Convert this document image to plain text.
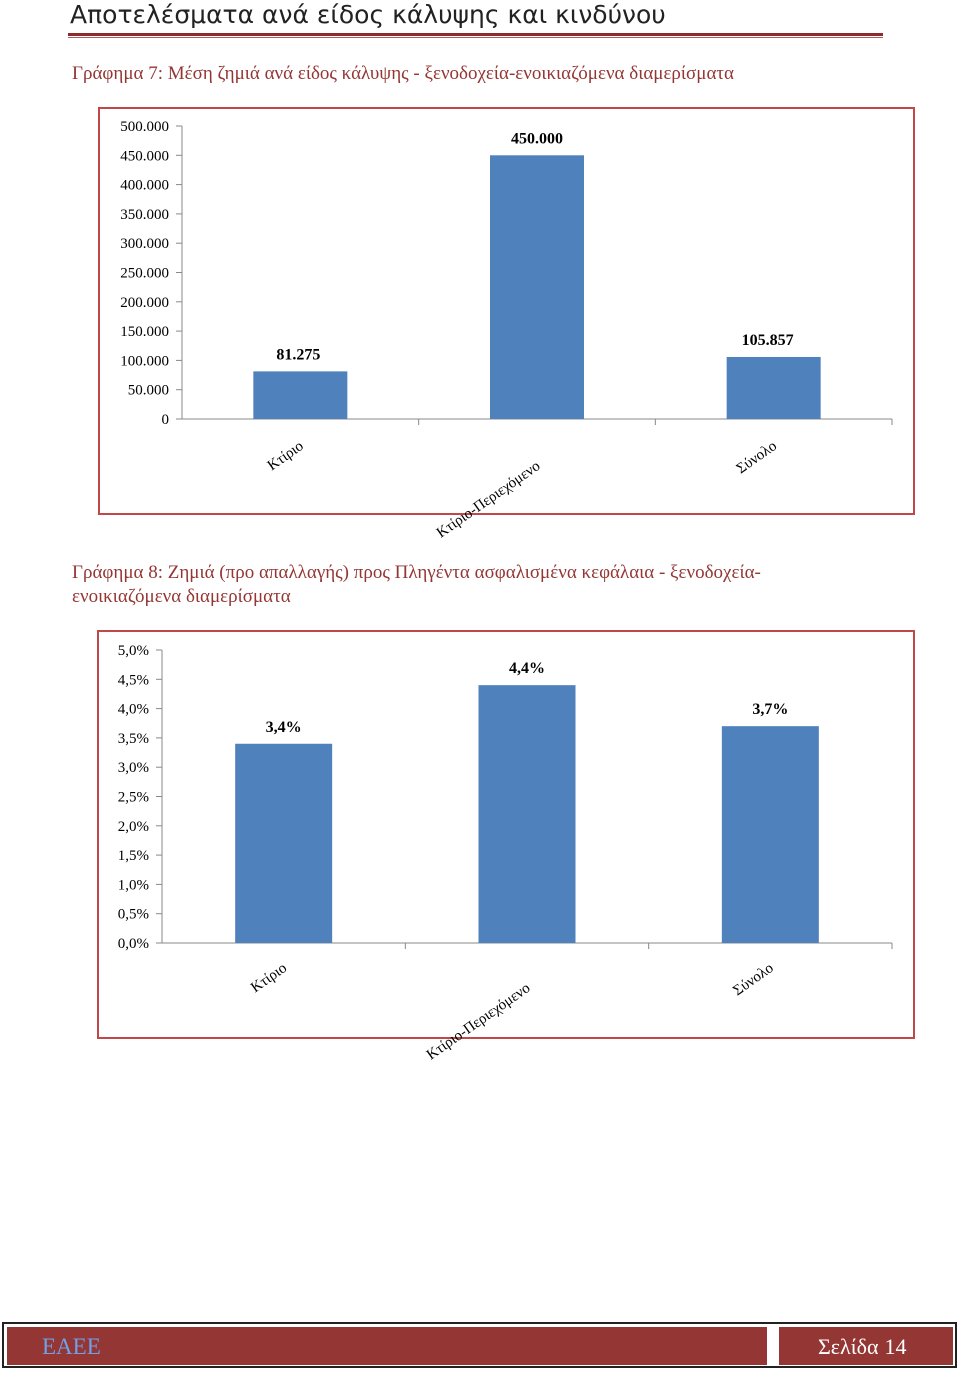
Αποτελέσματα ανά είδος κάλυψης και κινδύνου
Γράφημα 7: Μέση ζημιά ανά είδος κάλυψης - ξενοδοχεία-ενοικιαζόμενα διαμερίσματα
0
50.000
100.000
150.000
200.000
250.000
300.000
350.000
400.000
450.000
500.000
81.275
Κτίριο
450.000
Κτίριο-Περιεχόμενο
105.857
Σύνολο
Γράφημα 8: Ζημιά (προ απαλλαγής) προς Πληγέντα ασφαλισμένα κεφάλαια - ξενοδοχεία-ενοικιαζόμενα διαμερίσματα
0,0%
0,5%
1,0%
1,5%
2,0%
2,5%
3,0%
3,5%
4,0%
4,5%
5,0%
3,4%
Κτίριο
4,4%
Κτίριο-Περιεχόμενο
3,7%
Σύνολο
ΕΑΕΕ	Σελίδα 14
